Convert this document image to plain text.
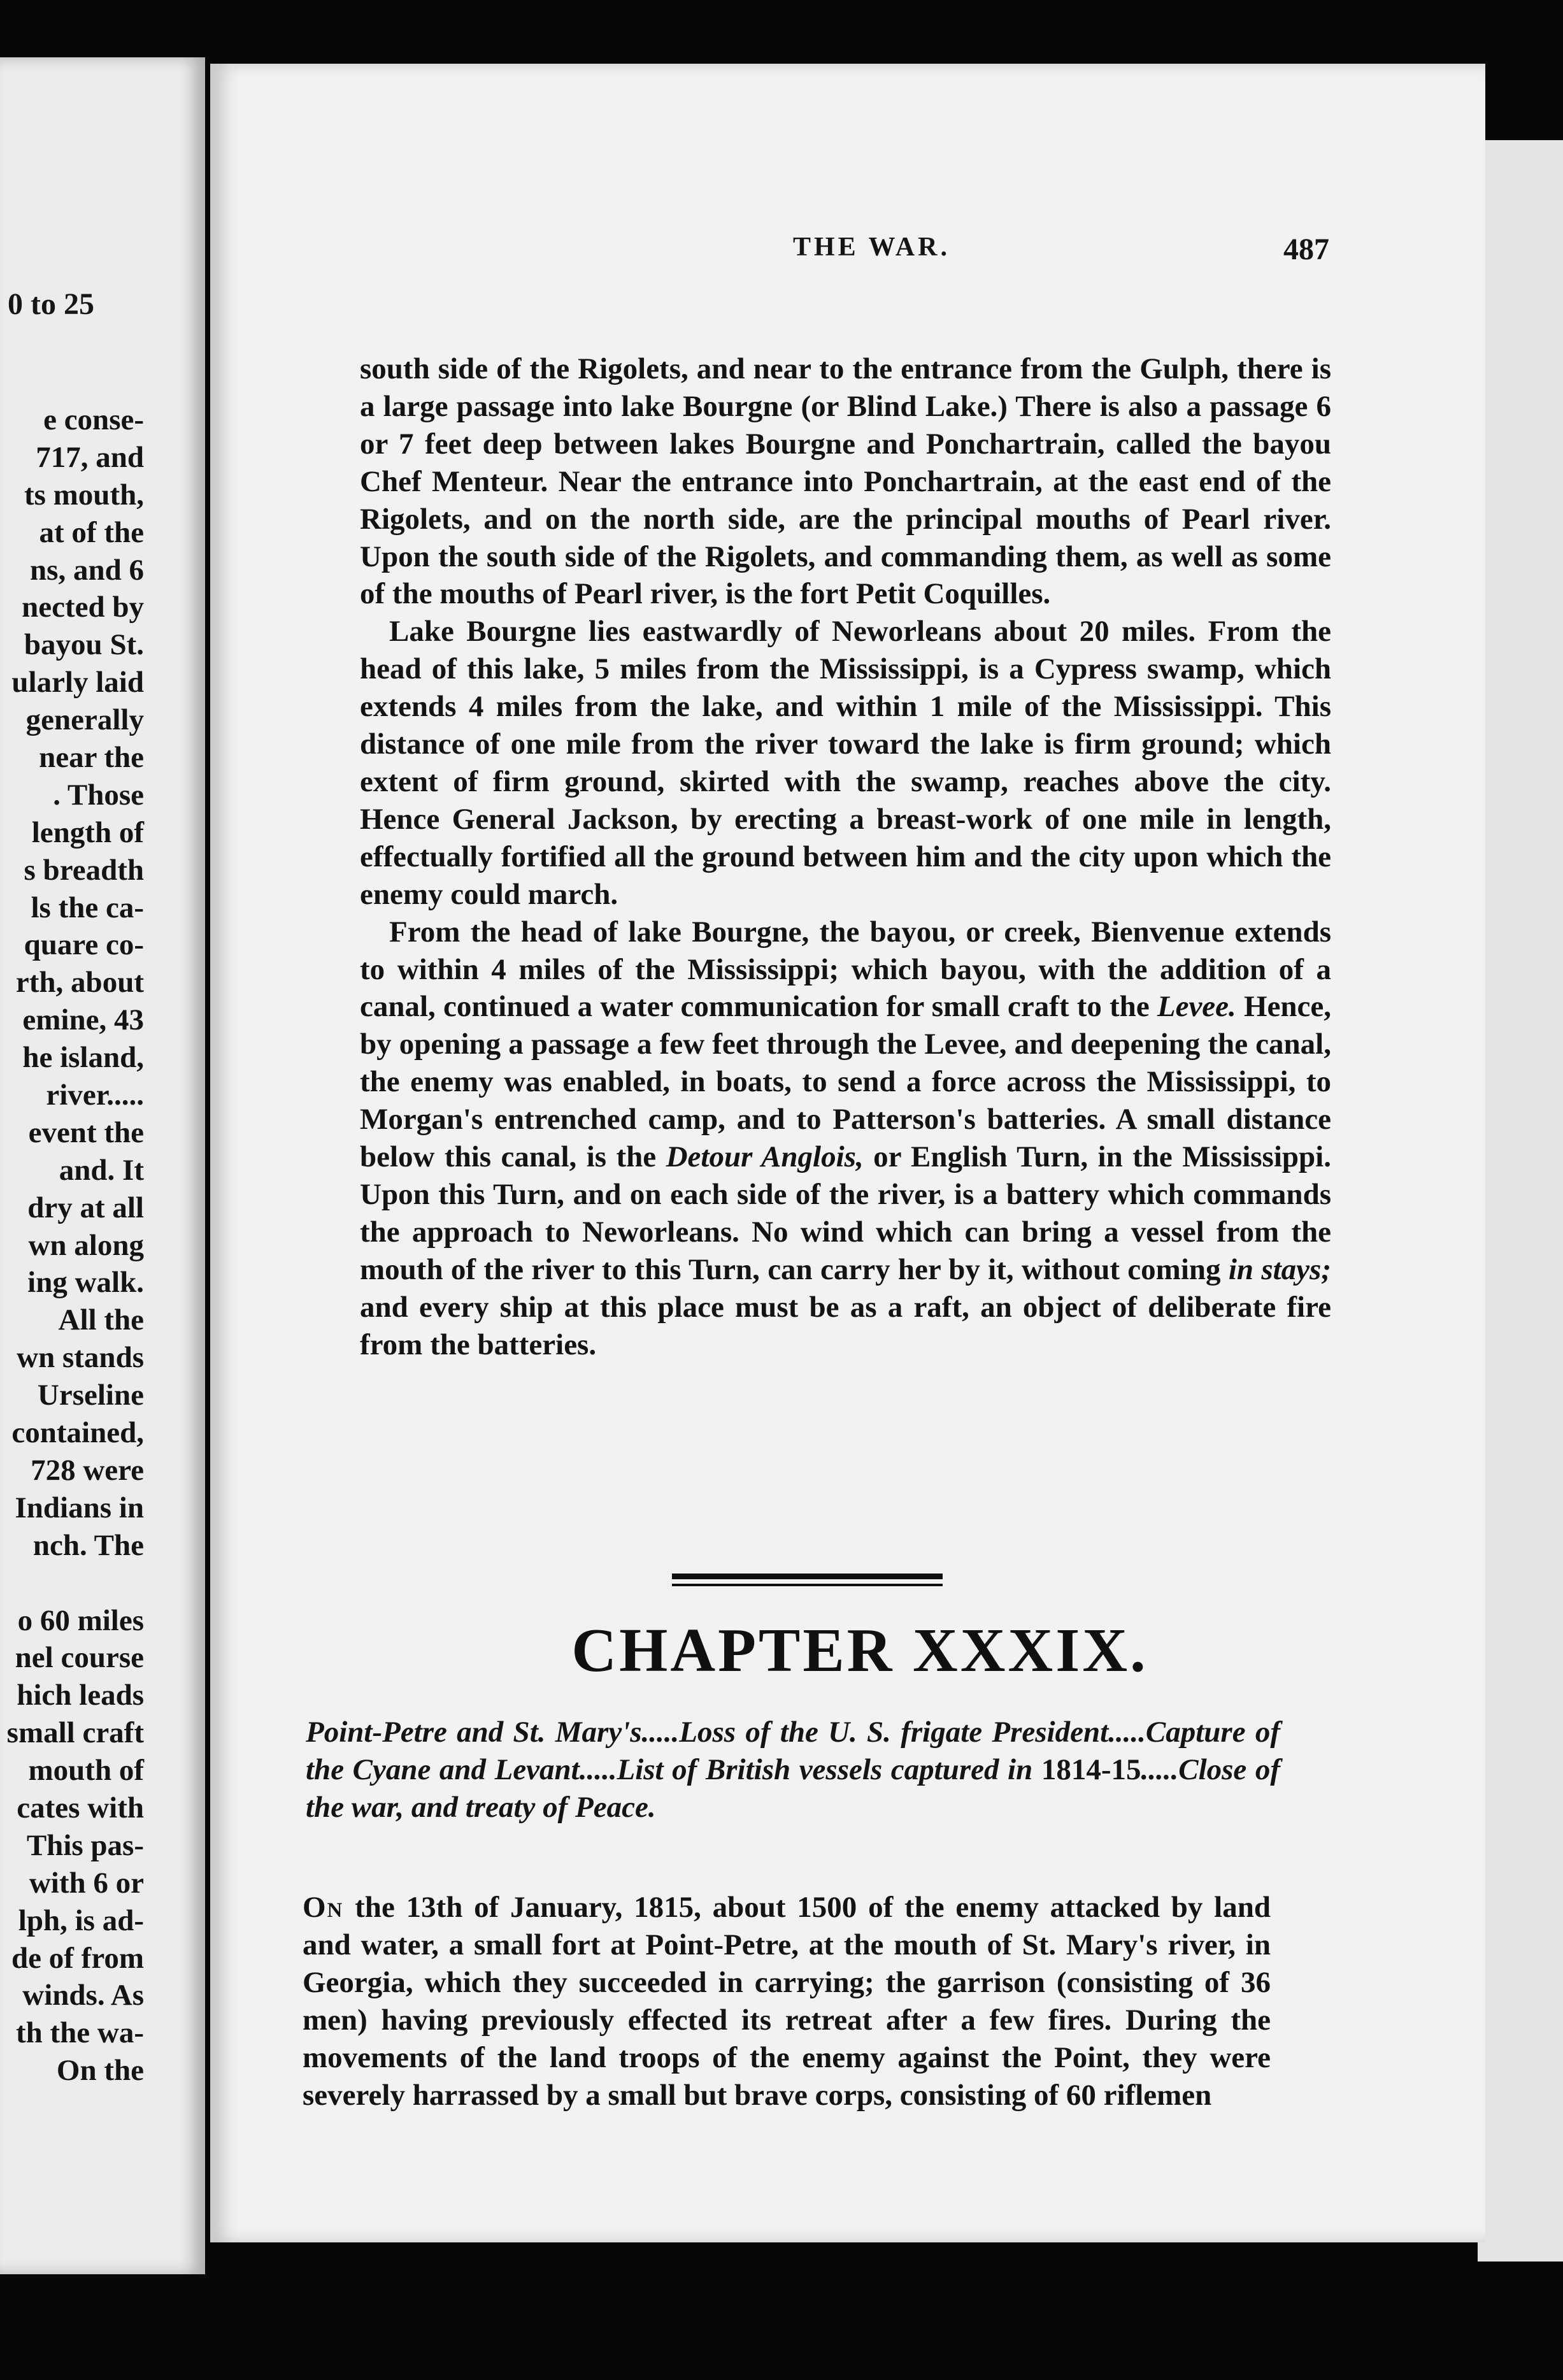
0 to 25
e conse-
717, and
ts mouth,
at of the
ns, and 6
nected by
bayou St.
ularly laid
generally
near the
. Those
length of
s breadth
ls the ca-
quare co-
rth, about
emine, 43
he island,
river.....
event the
and. It
dry at all
wn along
ing walk.
All the
wn stands
Urseline
contained,
728 were
Indians in
nch. The
o 60 miles
nel course
hich leads
small craft
mouth of
cates with
This pas-
with 6 or
lph, is ad-
de of from
winds. As
th the wa-
On the
THE WAR.	487

south side of the Rigolets, and near to the entrance from the Gulph, there is a large passage into lake Bourgne (or Blind Lake.) There is also a passage 6 or 7 feet deep between lakes Bourgne and Ponchartrain, called the bayou Chef Menteur. Near the entrance into Ponchartrain, at the east end of the Rigolets, and on the north side, are the principal mouths of Pearl river. Upon the south side of the Rigolets, and commanding them, as well as some of the mouths of Pearl river, is the fort Petit Coquilles.

Lake Bourgne lies eastwardly of Neworleans about 20 miles. From the head of this lake, 5 miles from the Mississippi, is a Cypress swamp, which extends 4 miles from the lake, and within 1 mile of the Mississippi. This distance of one mile from the river toward the lake is firm ground; which extent of firm ground, skirted with the swamp, reaches above the city. Hence General Jackson, by erecting a breast-work of one mile in length, effectually fortified all the ground between him and the city upon which the enemy could march.

From the head of lake Bourgne, the bayou, or creek, Bienvenue extends to within 4 miles of the Mississippi; which bayou, with the addition of a canal, continued a water communication for small craft to the Levee. Hence, by opening a passage a few feet through the Levee, and deepening the canal, the enemy was enabled, in boats, to send a force across the Mississippi, to Morgan's entrenched camp, and to Patterson's batteries. A small distance below this canal, is the Detour Anglois, or English Turn, in the Mississippi. Upon this Turn, and on each side of the river, is a battery which commands the approach to Neworleans. No wind which can bring a vessel from the mouth of the river to this Turn, can carry her by it, without coming in stays; and every ship at this place must be as a raft, an object of deliberate fire from the batteries.

CHAPTER XXXIX.
Point-Petre and St. Mary's.....Loss of the U. S. frigate President.....Capture of the Cyane and Levant.....List of British vessels captured in 1814-15.....Close of the war, and treaty of Peace.
On the 13th of January, 1815, about 1500 of the enemy attacked by land and water, a small fort at Point-Petre, at the mouth of St. Mary's river, in Georgia, which they succeeded in carrying; the garrison (consisting of 36 men) having previously effected its retreat after a few fires. During the movements of the land troops of the enemy against the Point, they were severely harrassed by a small but brave corps, consisting of 60 riflemen
